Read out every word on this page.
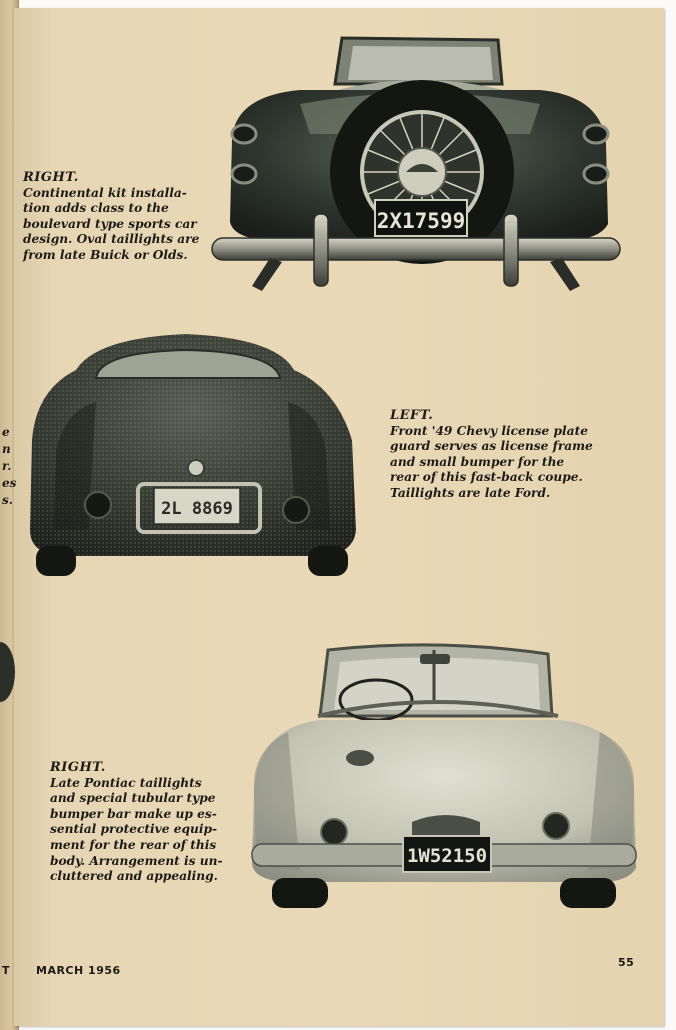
e
n
r.
es
s.
T
2X17599

RIGHT.
Continental kit installa-
tion adds class to the
boulevard type sports car
design. Oval taillights are
from late Buick or Olds.

2L 8869

LEFT.
Front '49 Chevy license plate
guard serves as license frame
and small bumper for the
rear of this fast-back coupe.
Taillights are late Ford.

1W52150

RIGHT.
Late Pontiac taillights
and special tubular type
bumper bar make up es-
sential protective equip-
ment for the rear of this
body. Arrangement is un-
cluttered and appealing.

MARCH 1956
55
